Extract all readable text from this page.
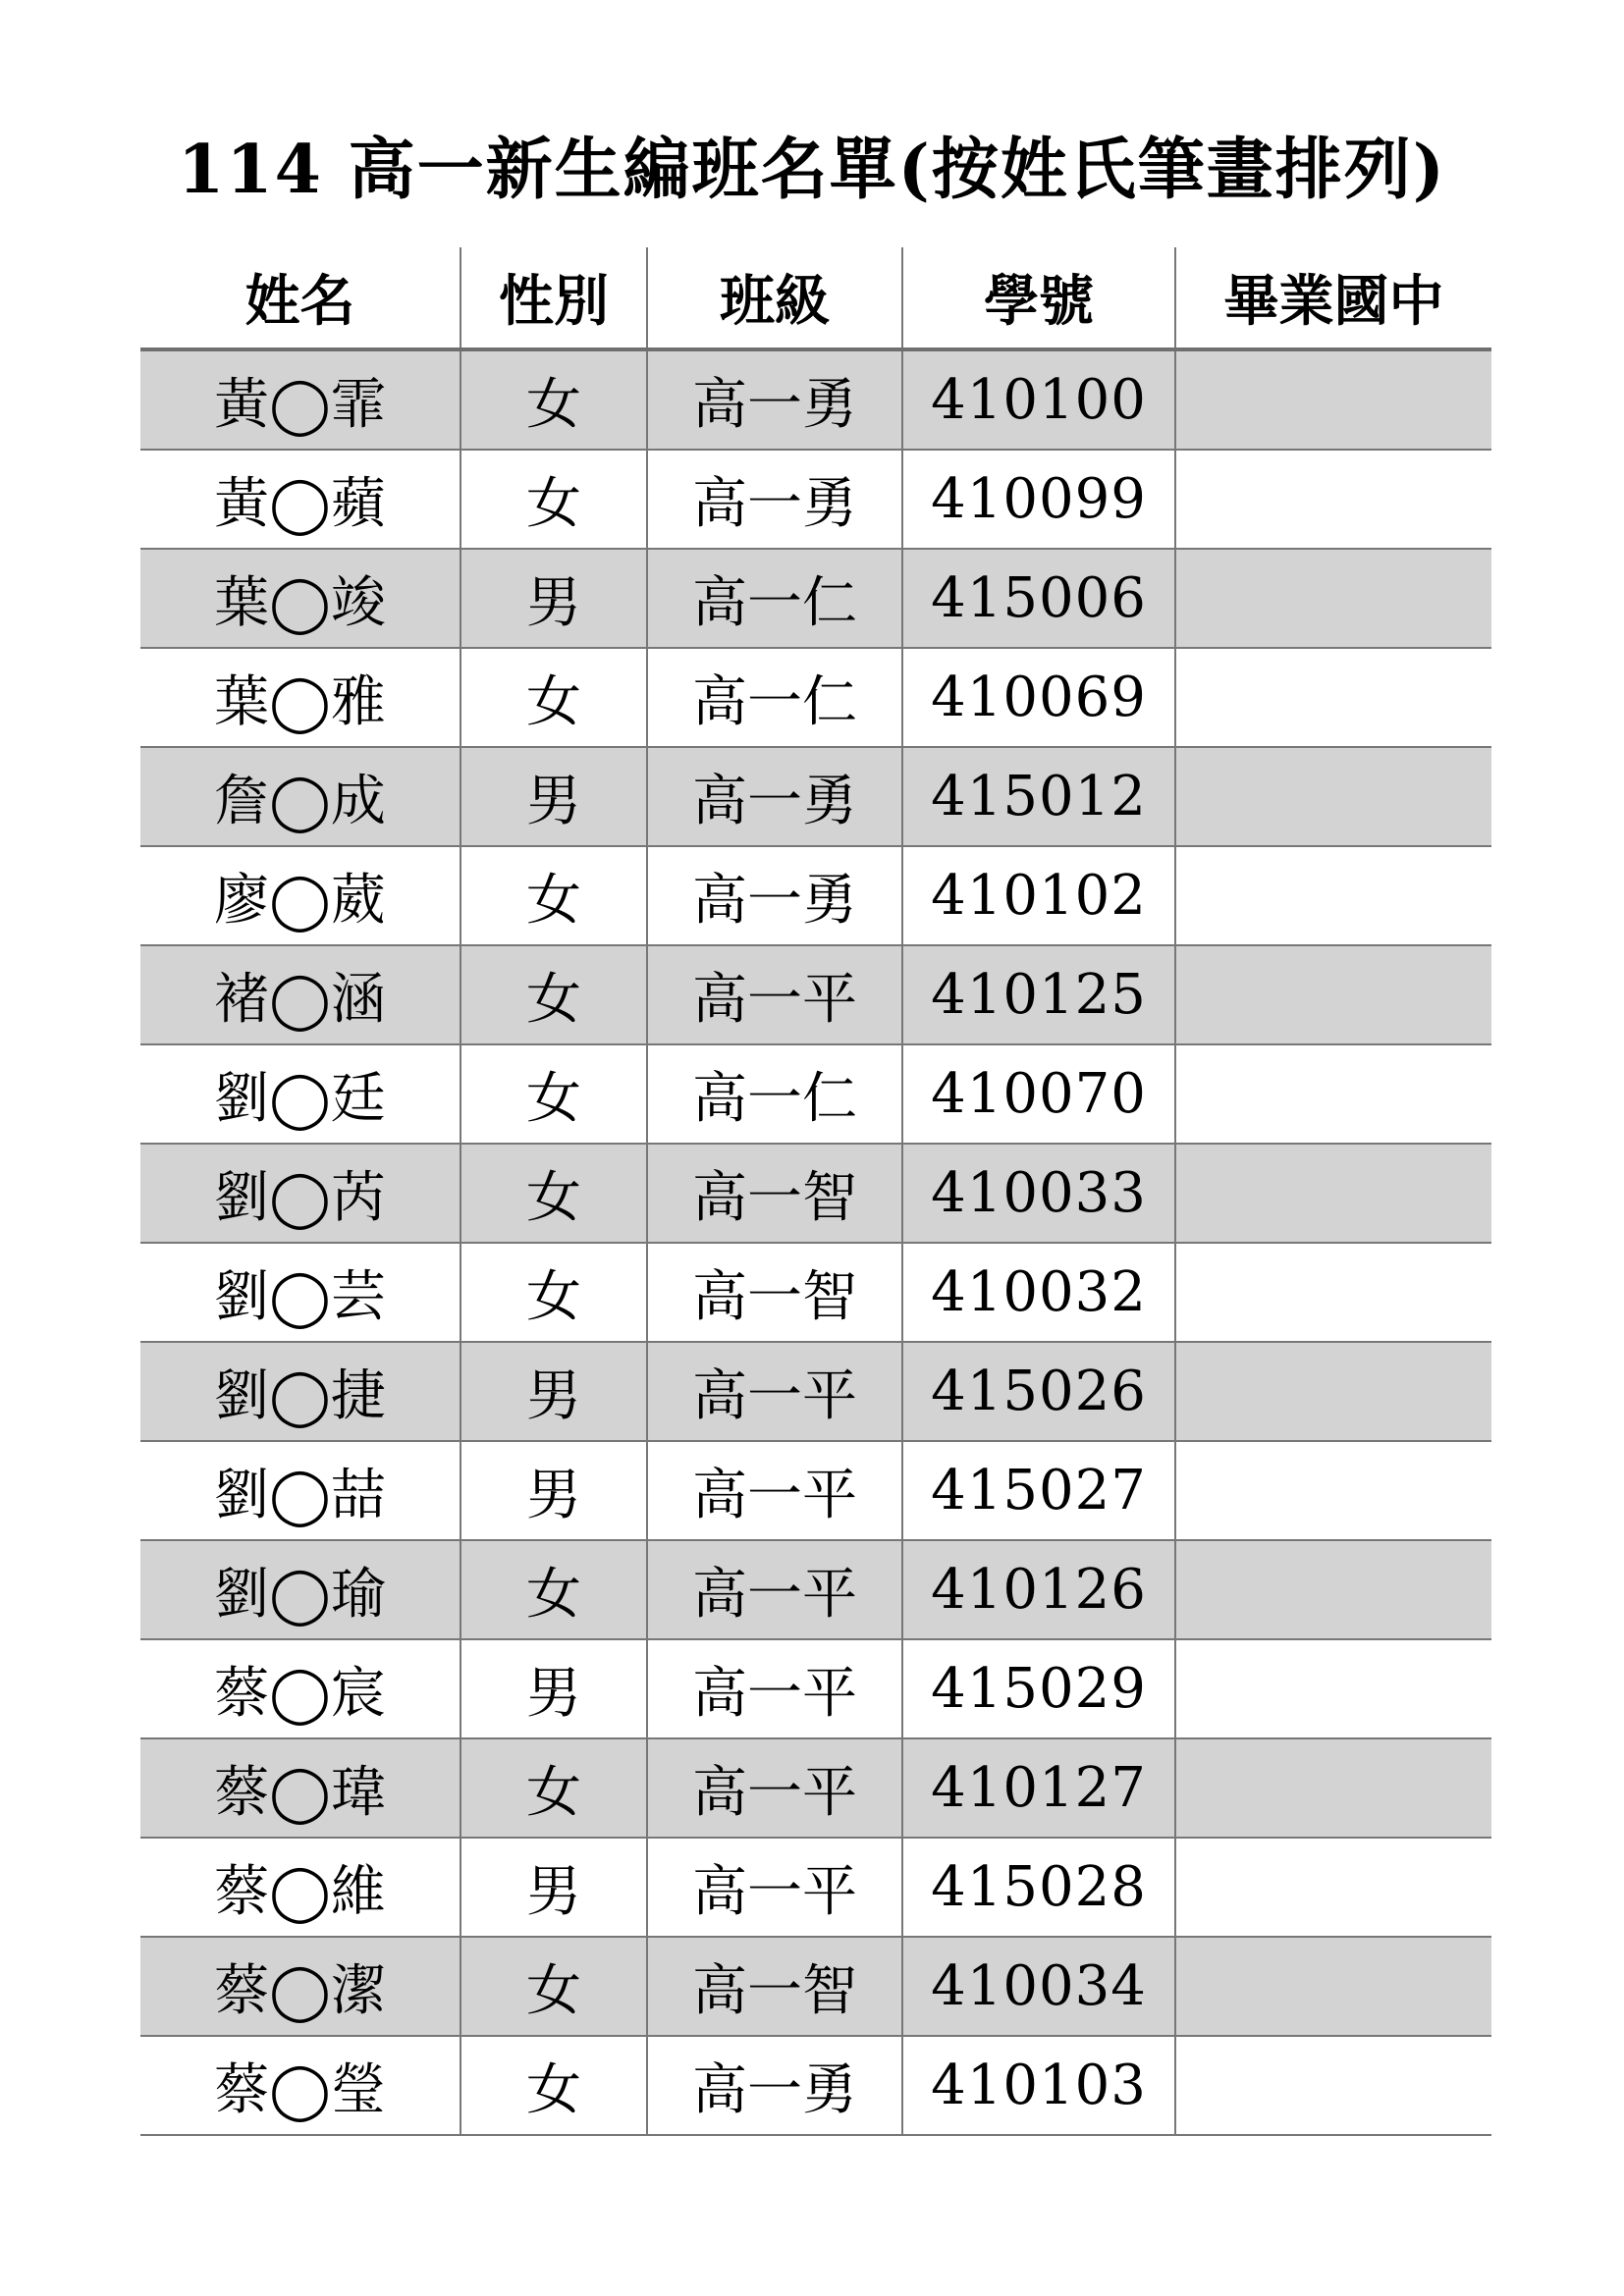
114 高一新生編班名單(按姓氏筆畫排列)
姓名	性別	班級	學號	畢業國中
黃◯霏	女	高一勇	410100	
黃◯蘋	女	高一勇	410099	
葉◯竣	男	高一仁	415006	
葉◯雅	女	高一仁	410069	
詹◯成	男	高一勇	415012	
廖◯葳	女	高一勇	410102	
褚◯涵	女	高一平	410125	
劉◯廷	女	高一仁	410070	
劉◯芮	女	高一智	410033	
劉◯芸	女	高一智	410032	
劉◯捷	男	高一平	415026	
劉◯喆	男	高一平	415027	
劉◯瑜	女	高一平	410126	
蔡◯宸	男	高一平	415029	
蔡◯瑋	女	高一平	410127	
蔡◯維	男	高一平	415028	
蔡◯潔	女	高一智	410034	
蔡◯瑩	女	高一勇	410103	
